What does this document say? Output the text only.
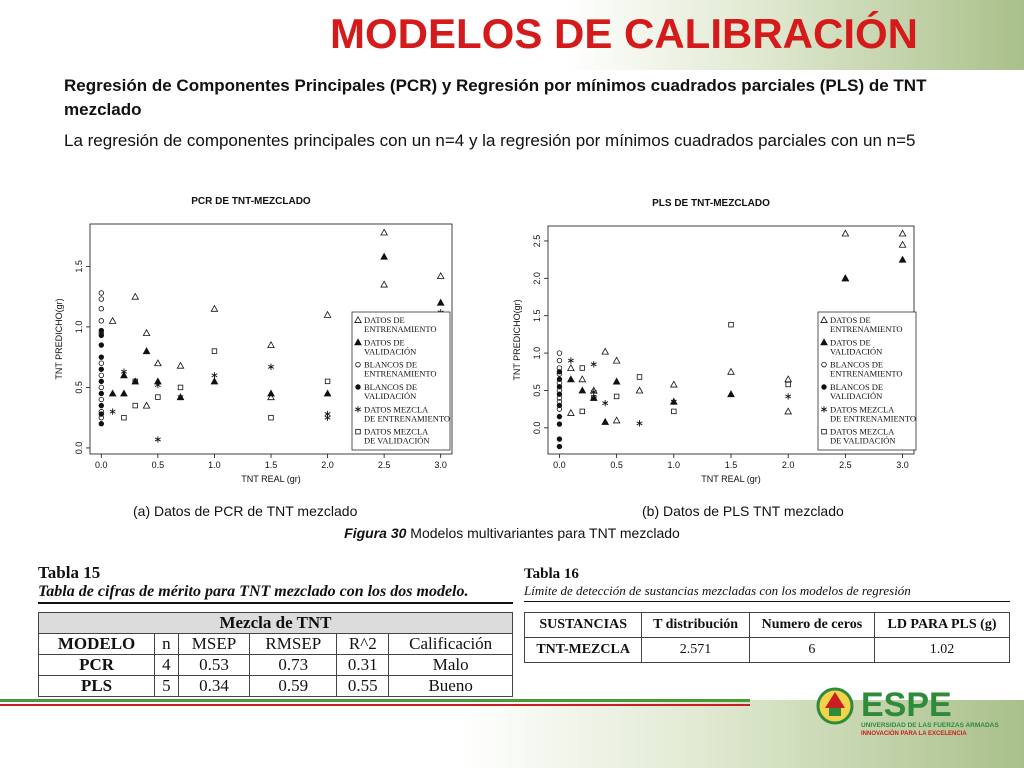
MODELOS DE CALIBRACIÓN
Regresión de Componentes Principales (PCR) y Regresión por mínimos cuadrados parciales (PLS) de TNT mezclado
La regresión de componentes principales con un n=4 y la regresión por mínimos cuadrados parciales con un n=5
PCR DE TNT-MEZCLADO
0.0	0.5	1.0	1.5	2.0	2.5	3.0
0.0
0.5
1.0
1.5
TNT REAL (gr)
TNT PREDICHO(gr)	DATOS DE
ENTRENAMIENTO
DATOS DE
VALIDACIÓN
BLANCOS DE
ENTRENAMIENTO
BLANCOS DE
VALIDACIÓN
DATOS MEZCLA
DE ENTRENAMIENTO
DATOS MEZCLA
DE VALIDACIÓN
PLS DE TNT-MEZCLADO
0.0	0.5	1.0	1.5	2.0	2.5	3.0
0.0
0.5
1.0
1.5
2.0
2.5
TNT REAL (gr)
TNT PREDICHO(gr)	DATOS DE
ENTRENAMIENTO
DATOS DE
VALIDACIÓN
BLANCOS DE
ENTRENAMIENTO
BLANCOS DE
VALIDACIÓN
DATOS MEZCLA
DE ENTRENAMIENTO
DATOS MEZCLA
DE VALIDACIÓN
(a) Datos de PCR de TNT mezclado	(b) Datos de PLS TNT mezclado
Figura 30 Modelos multivariantes para TNT mezclado
Tabla 15
Tabla de cifras de mérito para TNT mezclado con los dos modelo.
Mezcla de TNT					
MODELO	n	MSEP	RMSEP	R^2	Calificación
PCR	4	0.53	0.73	0.31	Malo
PLS	5	0.34	0.59	0.55	Bueno
Tabla 16
Límite de detección de sustancias mezcladas con los modelos de regresión
SUSTANCIAS	T distribución	Numero de ceros	LD PARA PLS (g)
TNT-MEZCLA	2.571	6	1.02
ESPE
UNIVERSIDAD DE LAS FUERZAS ARMADAS
INNOVACIÓN PARA LA EXCELENCIA
